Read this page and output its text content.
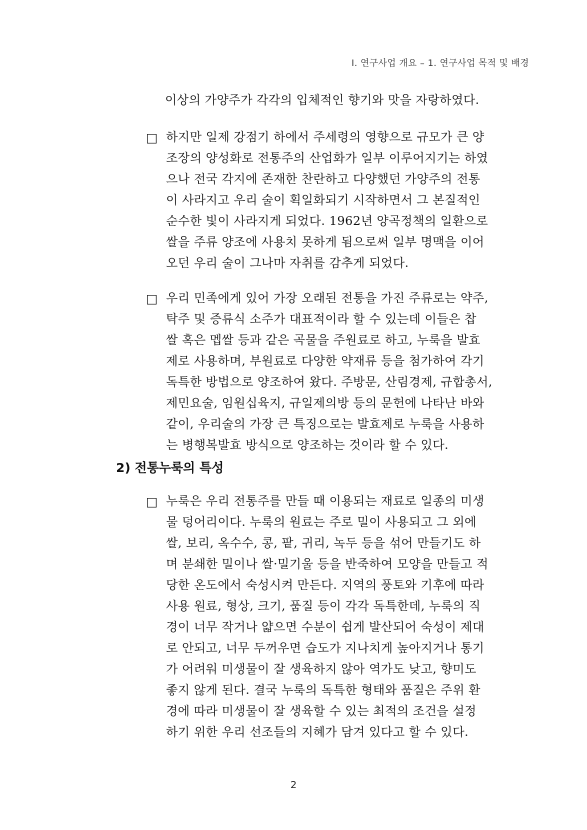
Ⅰ. 연구사업 개요 – 1. 연구사업 목적 및 배경
이상의 가양주가 각각의 입체적인 향기와 맛을 자랑하였다.
□ 하지만 일제 강점기 하에서 주세령의 영향으로 규모가 큰 양
조장의 양성화로 전통주의 산업화가 일부 이루어지기는 하였
으나 전국 각지에 존재한 찬란하고 다양했던 가양주의 전통
이 사라지고 우리 술이 획일화되기 시작하면서 그 본질적인
순수한 빛이 사라지게 되었다. 1962년 양곡정책의 일환으로
쌀을 주류 양조에 사용치 못하게 됨으로써 일부 명맥을 이어
오던 우리 술이 그나마 자취를 감추게 되었다.
□ 우리 민족에게 있어 가장 오래된 전통을 가진 주류로는 약주,
탁주 및 증류식 소주가 대표적이라 할 수 있는데 이들은 찹
쌀 혹은 멥쌀 등과 같은 곡물을 주원료로 하고, 누룩을 발효
제로 사용하며, 부원료로 다양한 약재류 등을 첨가하여 각기
독특한 방법으로 양조하여 왔다. 주방문, 산림경제, 규합총서,
제민요술, 임원십육지, 규일제의방 등의 문헌에 나타난 바와
같이, 우리술의 가장 큰 특징으로는 발효제로 누룩을 사용하
는 병행복발효 방식으로 양조하는 것이라 할 수 있다.
2) 전통누룩의 특성
□ 누룩은 우리 전통주를 만들 때 이용되는 재료로 일종의 미생
물 덩어리이다. 누룩의 원료는 주로 밀이 사용되고 그 외에
쌀, 보리, 옥수수, 콩, 팥, 귀리, 녹두 등을 섞어 만들기도 하
며 분쇄한 밀이나 쌀·밀기울 등을 반죽하여 모양을 만들고 적
당한 온도에서 숙성시켜 만든다. 지역의 풍토와 기후에 따라
사용 원료, 형상, 크기, 품질 등이 각각 독특한데, 누룩의 직
경이 너무 작거나 얇으면 수분이 쉽게 발산되어 숙성이 제대
로 안되고, 너무 두꺼우면 습도가 지나치게 높아지거나 통기
가 어려워 미생물이 잘 생육하지 않아 역가도 낮고, 향미도
좋지 않게 된다. 결국 누룩의 독특한 형태와 품질은 주위 환
경에 따라 미생물이 잘 생육할 수 있는 최적의 조건을 설정
하기 위한 우리 선조들의 지혜가 담겨 있다고 할 수 있다.
2
